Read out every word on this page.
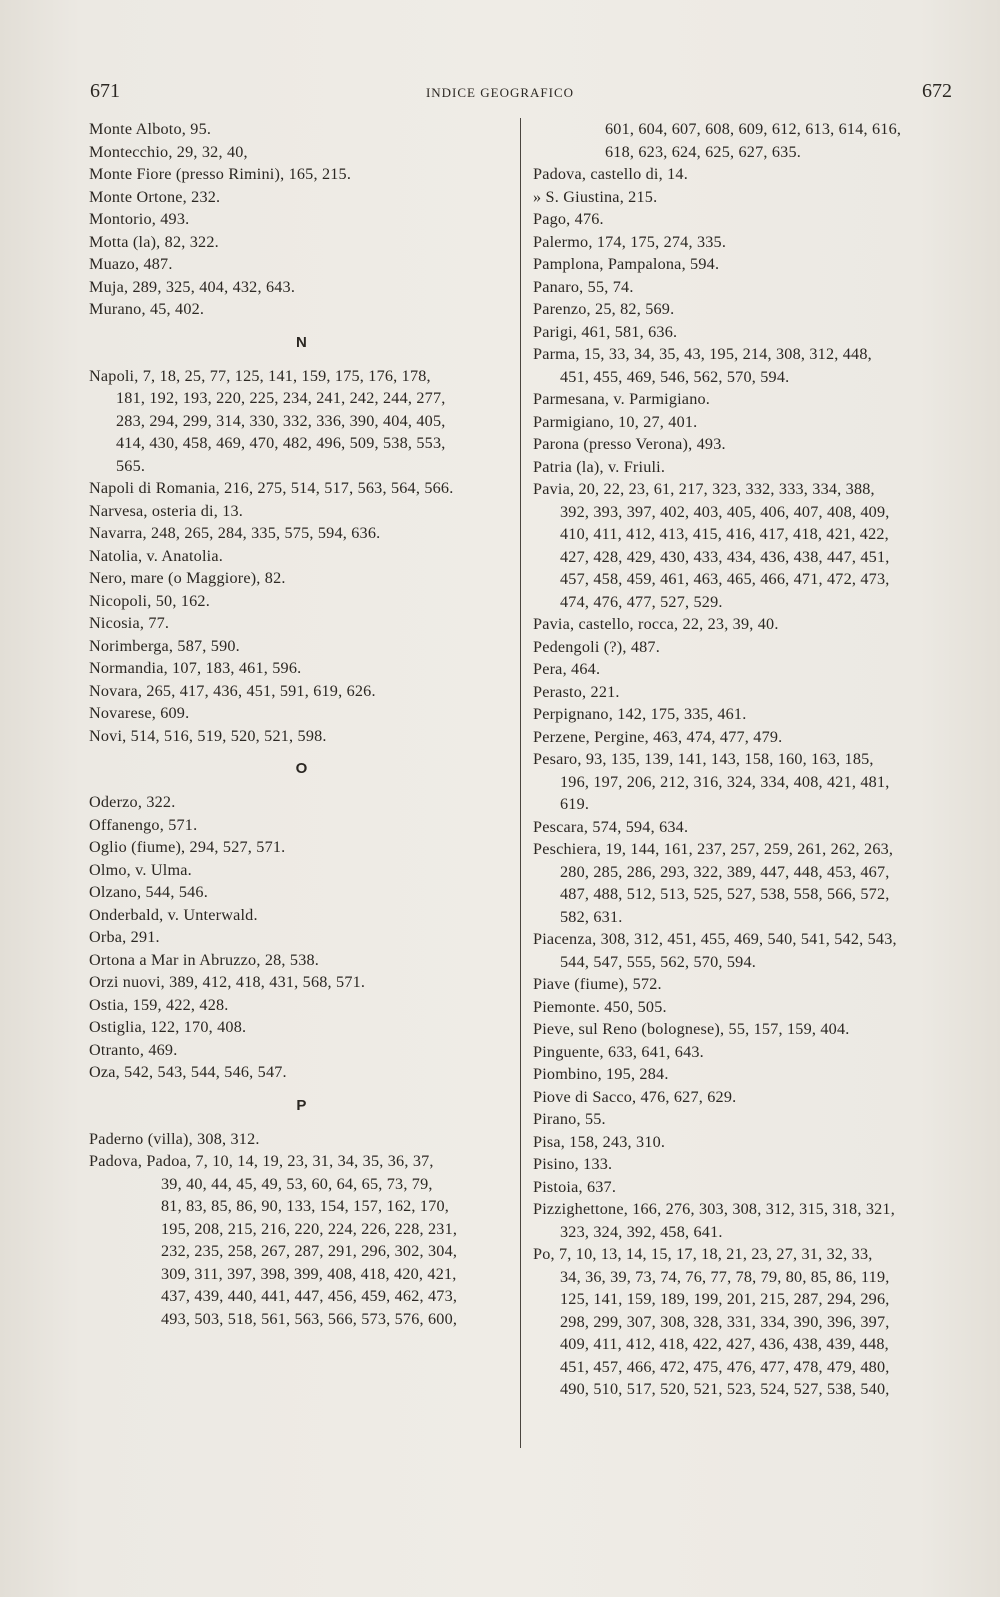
671	INDICE GEOGRAFICO	672
Monte Alboto, 95.
Montecchio, 29, 32, 40,
Monte Fiore (presso Rimini), 165, 215.
Monte Ortone, 232.
Montorio, 493.
Motta (la), 82, 322.
Muazo, 487.
Muja, 289, 325, 404, 432, 643.
Murano, 45, 402.
N
Napoli, 7, 18, 25, 77, 125, 141, 159, 175, 176, 178,
181, 192, 193, 220, 225, 234, 241, 242, 244, 277,
283, 294, 299, 314, 330, 332, 336, 390, 404, 405,
414, 430, 458, 469, 470, 482, 496, 509, 538, 553,
565.
Napoli di Romania, 216, 275, 514, 517, 563, 564, 566.
Narvesa, osteria di, 13.
Navarra, 248, 265, 284, 335, 575, 594, 636.
Natolia, v. Anatolia.
Nero, mare (o Maggiore), 82.
Nicopoli, 50, 162.
Nicosia, 77.
Norimberga, 587, 590.
Normandia, 107, 183, 461, 596.
Novara, 265, 417, 436, 451, 591, 619, 626.
Novarese, 609.
Novi, 514, 516, 519, 520, 521, 598.
O
Oderzo, 322.
Offanengo, 571.
Oglio (fiume), 294, 527, 571.
Olmo, v. Ulma.
Olzano, 544, 546.
Onderbald, v. Unterwald.
Orba, 291.
Ortona a Mar in Abruzzo, 28, 538.
Orzi nuovi, 389, 412, 418, 431, 568, 571.
Ostia, 159, 422, 428.
Ostiglia, 122, 170, 408.
Otranto, 469.
Oza, 542, 543, 544, 546, 547.
P
Paderno (villa), 308, 312.
Padova, Padoa, 7, 10, 14, 19, 23, 31, 34, 35, 36, 37,
39, 40, 44, 45, 49, 53, 60, 64, 65, 73, 79,
81, 83, 85, 86, 90, 133, 154, 157, 162, 170,
195, 208, 215, 216, 220, 224, 226, 228, 231,
232, 235, 258, 267, 287, 291, 296, 302, 304,
309, 311, 397, 398, 399, 408, 418, 420, 421,
437, 439, 440, 441, 447, 456, 459, 462, 473,
493, 503, 518, 561, 563, 566, 573, 576, 600,
601, 604, 607, 608, 609, 612, 613, 614, 616,
618, 623, 624, 625, 627, 635.
Padova, castello di, 14.
» S. Giustina, 215.
Pago, 476.
Palermo, 174, 175, 274, 335.
Pamplona, Pampalona, 594.
Panaro, 55, 74.
Parenzo, 25, 82, 569.
Parigi, 461, 581, 636.
Parma, 15, 33, 34, 35, 43, 195, 214, 308, 312, 448,
451, 455, 469, 546, 562, 570, 594.
Parmesana, v. Parmigiano.
Parmigiano, 10, 27, 401.
Parona (presso Verona), 493.
Patria (la), v. Friuli.
Pavia, 20, 22, 23, 61, 217, 323, 332, 333, 334, 388,
392, 393, 397, 402, 403, 405, 406, 407, 408, 409,
410, 411, 412, 413, 415, 416, 417, 418, 421, 422,
427, 428, 429, 430, 433, 434, 436, 438, 447, 451,
457, 458, 459, 461, 463, 465, 466, 471, 472, 473,
474, 476, 477, 527, 529.
Pavia, castello, rocca, 22, 23, 39, 40.
Pedengoli (?), 487.
Pera, 464.
Perasto, 221.
Perpignano, 142, 175, 335, 461.
Perzene, Pergine, 463, 474, 477, 479.
Pesaro, 93, 135, 139, 141, 143, 158, 160, 163, 185,
196, 197, 206, 212, 316, 324, 334, 408, 421, 481,
619.
Pescara, 574, 594, 634.
Peschiera, 19, 144, 161, 237, 257, 259, 261, 262, 263,
280, 285, 286, 293, 322, 389, 447, 448, 453, 467,
487, 488, 512, 513, 525, 527, 538, 558, 566, 572,
582, 631.
Piacenza, 308, 312, 451, 455, 469, 540, 541, 542, 543,
544, 547, 555, 562, 570, 594.
Piave (fiume), 572.
Piemonte. 450, 505.
Pieve, sul Reno (bolognese), 55, 157, 159, 404.
Pinguente, 633, 641, 643.
Piombino, 195, 284.
Piove di Sacco, 476, 627, 629.
Pirano, 55.
Pisa, 158, 243, 310.
Pisino, 133.
Pistoia, 637.
Pizzighettone, 166, 276, 303, 308, 312, 315, 318, 321,
323, 324, 392, 458, 641.
Po, 7, 10, 13, 14, 15, 17, 18, 21, 23, 27, 31, 32, 33,
34, 36, 39, 73, 74, 76, 77, 78, 79, 80, 85, 86, 119,
125, 141, 159, 189, 199, 201, 215, 287, 294, 296,
298, 299, 307, 308, 328, 331, 334, 390, 396, 397,
409, 411, 412, 418, 422, 427, 436, 438, 439, 448,
451, 457, 466, 472, 475, 476, 477, 478, 479, 480,
490, 510, 517, 520, 521, 523, 524, 527, 538, 540,
